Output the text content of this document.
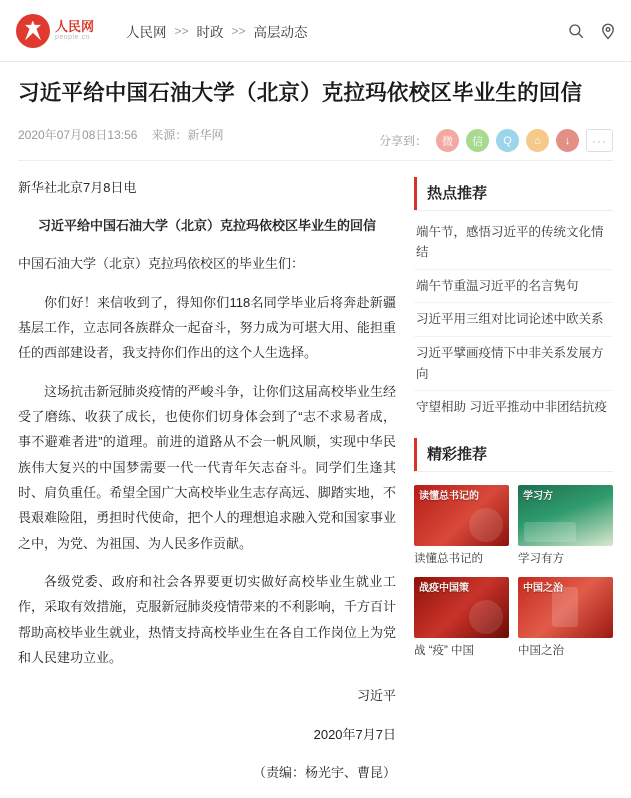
人民网
people.cn	人民网 >> 时政 >> 高层动态
习近平给中国石油大学（北京）克拉玛依校区毕业生的回信
2020年07月08日13:56 来源： 新华网	分享到：	微	信	Q	⌂	↓	···

新华社北京7月8日电

习近平给中国石油大学（北京）克拉玛依校区毕业生的回信

中国石油大学（北京）克拉玛依校区的毕业生们：

你们好！来信收到了，得知你们118名同学毕业后将奔赴新疆基层工作，立志同各族群众一起奋斗，努力成为可堪大用、能担重任的西部建设者，我支持你们作出的这个人生选择。

这场抗击新冠肺炎疫情的严峻斗争，让你们这届高校毕业生经受了磨练、收获了成长，也使你们切身体会到了“志不求易者成，事不避难者进”的道理。前进的道路从不会一帆风顺，实现中华民族伟大复兴的中国梦需要一代一代青年矢志奋斗。同学们生逢其时、肩负重任。希望全国广大高校毕业生志存高远、脚踏实地，不畏艰难险阻，勇担时代使命，把个人的理想追求融入党和国家事业之中，为党、为祖国、为人民多作贡献。

各级党委、政府和社会各界要更切实做好高校毕业生就业工作，采取有效措施，克服新冠肺炎疫情带来的不利影响，千方百计帮助高校毕业生就业，热情支持高校毕业生在各自工作岗位上为党和人民建功立业。

习近平

2020年7月7日

（责编：杨光宇、曹昆）

热点推荐
端午节，感悟习近平的传统文化情结
端午节重温习近平的名言隽句
习近平用三组对比词论述中欧关系
习近平擘画疫情下中非关系发展方向
守望相助 习近平推动中非团结抗疫
精彩推荐
读懂总书记的
读懂总书记的
学习方
学习有方
战疫中国策
战 “疫” 中国
中国之治
中国之治
